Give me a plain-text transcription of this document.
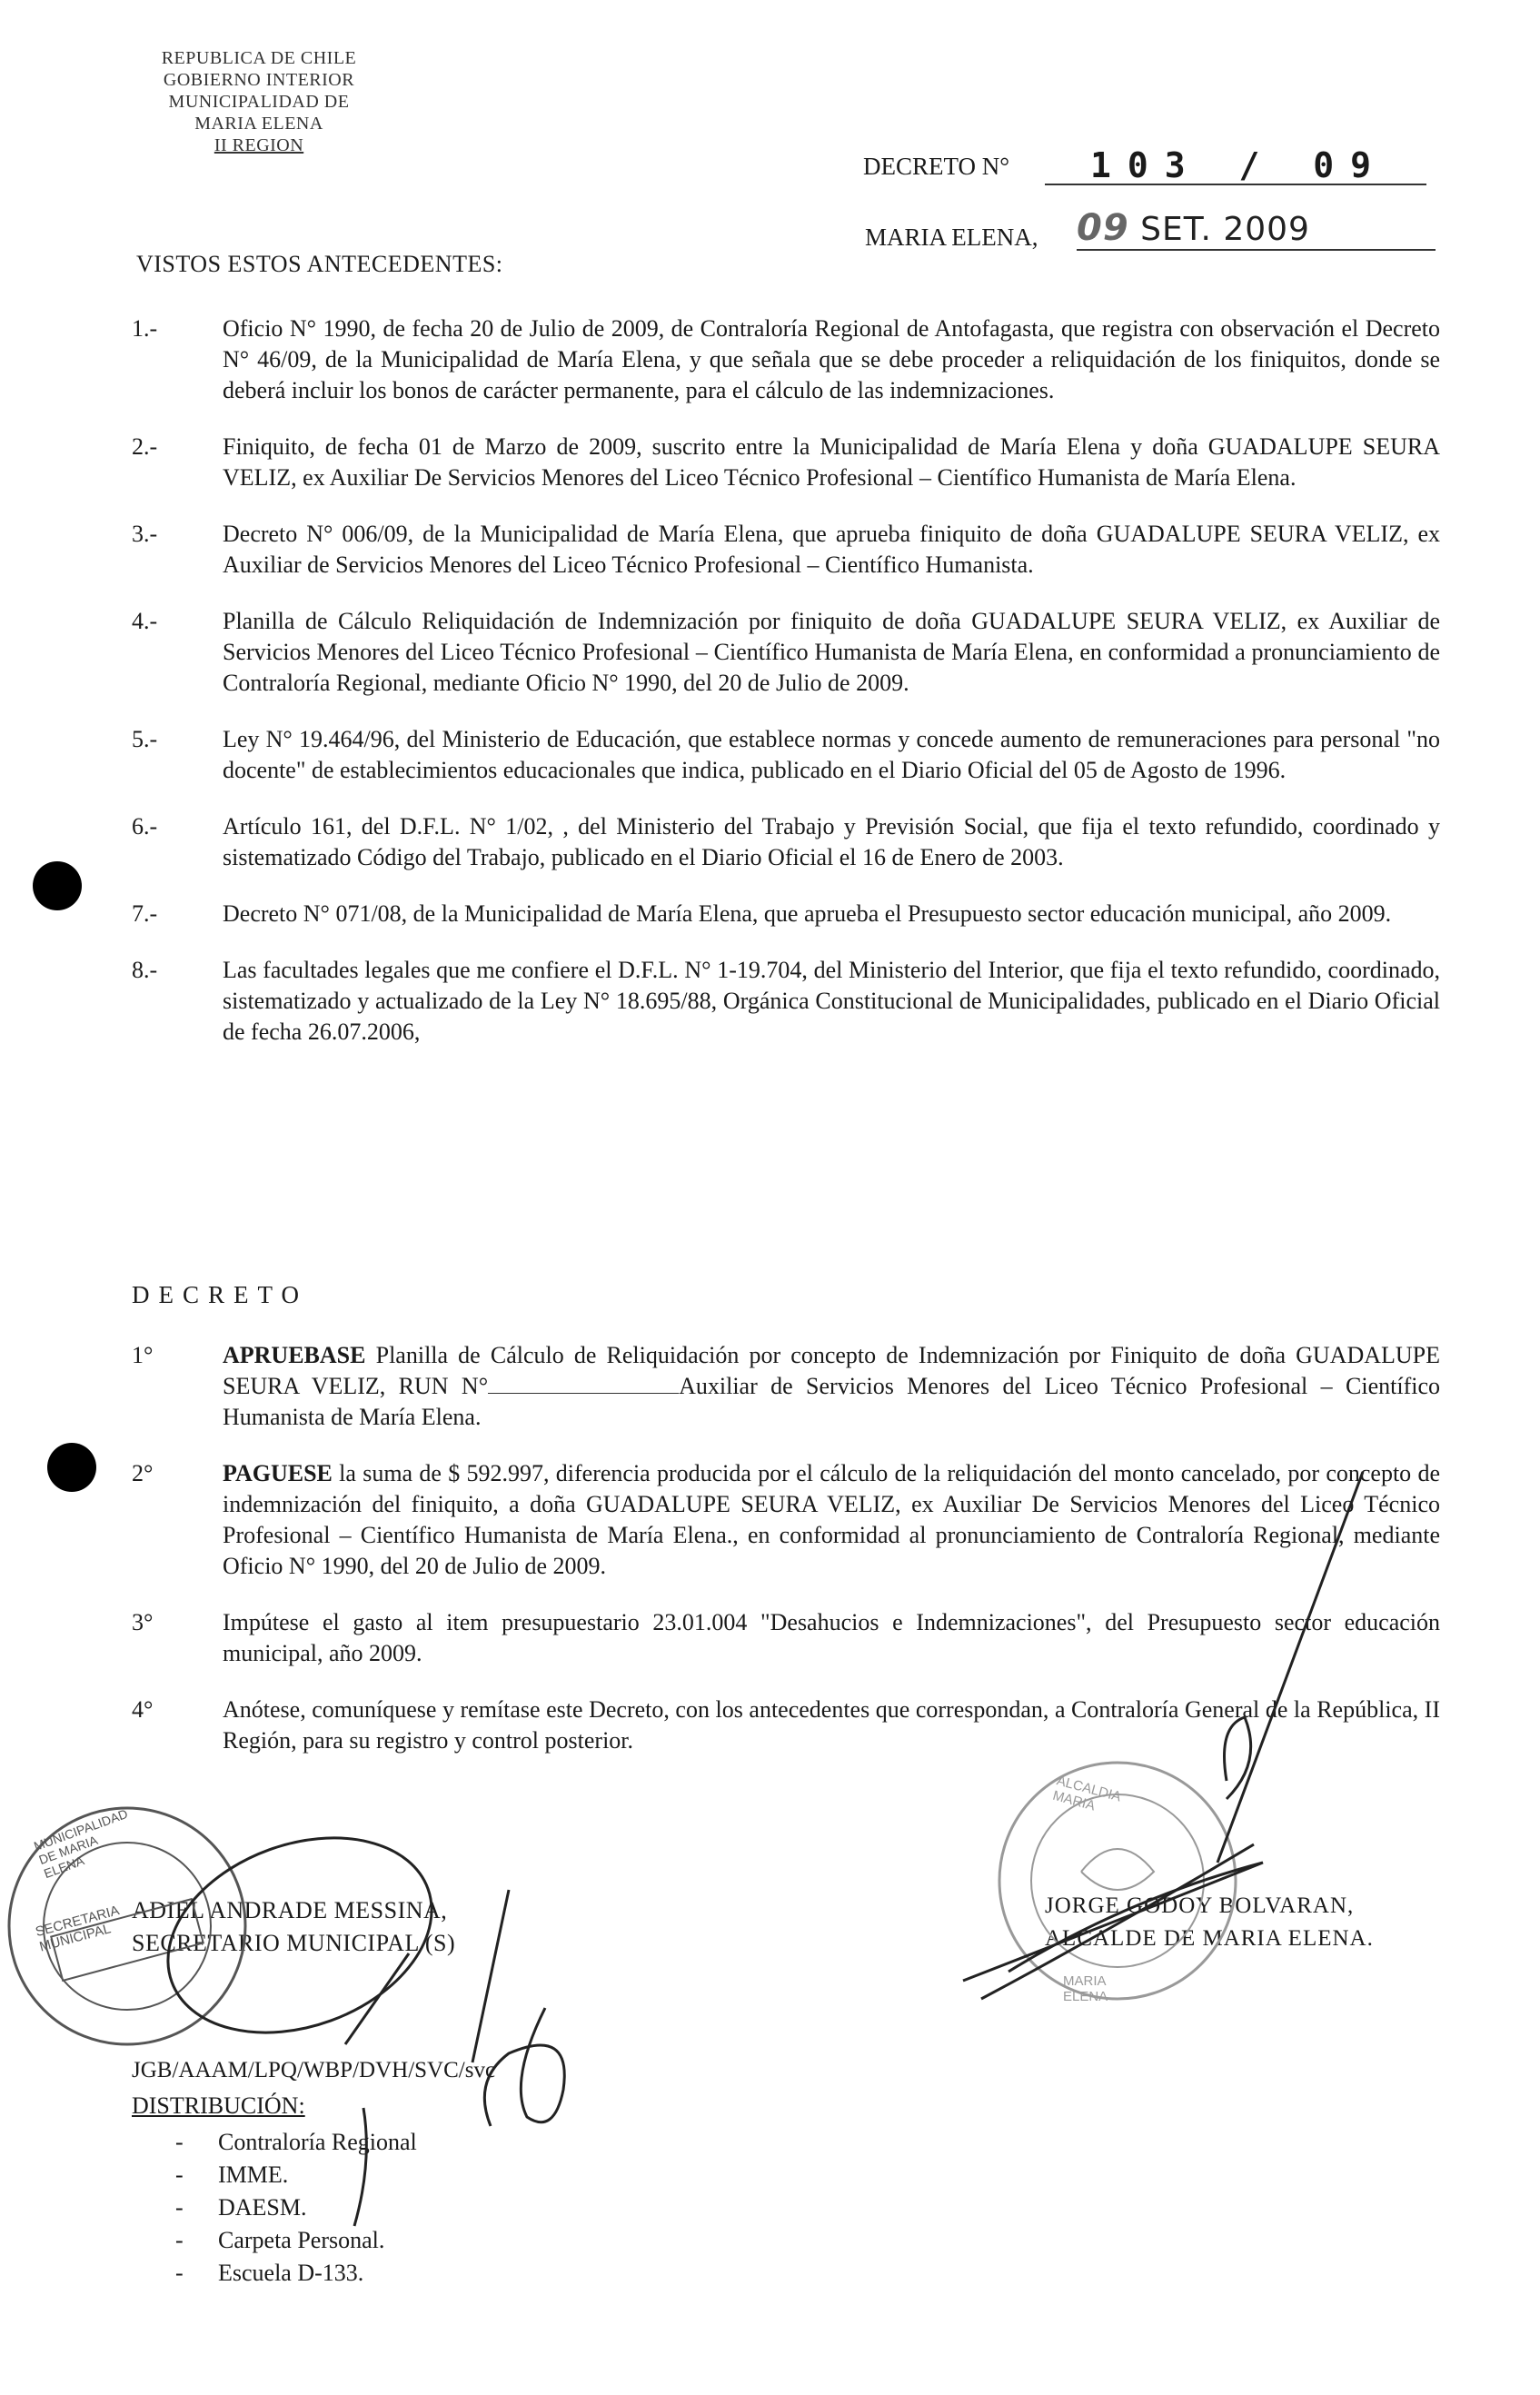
REPUBLICA DE CHILE
GOBIERNO INTERIOR
MUNICIPALIDAD DE
MARIA ELENA
II REGION
DECRETO N°	103 / 09
MARIA ELENA, 09 SET. 2009
VISTOS ESTOS ANTECEDENTES:
1.-	Oficio N° 1990, de fecha 20 de Julio de 2009, de Contraloría Regional de Antofagasta, que registra con observación el Decreto N° 46/09, de la Municipalidad de María Elena, y que señala que se debe proceder a reliquidación de los finiquitos, donde se deberá incluir los bonos de carácter permanente, para el cálculo de las indemnizaciones.
2.-	Finiquito, de fecha 01 de Marzo de 2009, suscrito entre la Municipalidad de María Elena y doña GUADALUPE SEURA VELIZ, ex Auxiliar De Servicios Menores del Liceo Técnico Profesional – Científico Humanista de María Elena.
3.-	Decreto N° 006/09, de la Municipalidad de María Elena, que aprueba finiquito de doña GUADALUPE SEURA VELIZ, ex Auxiliar de Servicios Menores del Liceo Técnico Profesional – Científico Humanista.
4.-	Planilla de Cálculo Reliquidación de Indemnización por finiquito de doña GUADALUPE SEURA VELIZ, ex Auxiliar de Servicios Menores del Liceo Técnico Profesional – Científico Humanista de María Elena, en conformidad a pronunciamiento de Contraloría Regional, mediante Oficio N° 1990, del 20 de Julio de 2009.
5.-	Ley N° 19.464/96, del Ministerio de Educación, que establece normas y concede aumento de remuneraciones para personal "no docente" de establecimientos educacionales que indica, publicado en el Diario Oficial del 05 de Agosto de 1996.
6.-	Artículo 161, del D.F.L. N° 1/02, , del Ministerio del Trabajo y Previsión Social, que fija el texto refundido, coordinado y sistematizado Código del Trabajo, publicado en el Diario Oficial el 16 de Enero de 2003.
7.-	Decreto N° 071/08, de la Municipalidad de María Elena, que aprueba el Presupuesto sector educación municipal, año 2009.
8.-	Las facultades legales que me confiere el D.F.L. N° 1-19.704, del Ministerio del Interior, que fija el texto refundido, coordinado, sistematizado y actualizado de la Ley N° 18.695/88, Orgánica Constitucional de Municipalidades, publicado en el Diario Oficial de fecha 26.07.2006,
DECRETO
1°	APRUEBASE Planilla de Cálculo de Reliquidación por concepto de Indemnización por Finiquito de doña GUADALUPE SEURA VELIZ, RUN N°	Auxiliar de Servicios Menores del Liceo Técnico Profesional – Científico Humanista de María Elena.
2°	PAGUESE la suma de $ 592.997, diferencia producida por el cálculo de la reliquidación del monto cancelado, por concepto de indemnización del finiquito, a doña GUADALUPE SEURA VELIZ, ex Auxiliar De Servicios Menores del Liceo Técnico Profesional – Científico Humanista de María Elena., en conformidad al pronunciamiento de Contraloría Regional, mediante Oficio N° 1990, del 20 de Julio de 2009.
3°	Impútese el gasto al item presupuestario 23.01.004 "Desahucios e Indemnizaciones", del Presupuesto sector educación municipal, año 2009.
4°	Anótese, comuníquese y remítase este Decreto, con los antecedentes que correspondan, a Contraloría General de la República, II Región, para su registro y control posterior.
ADIEL ANDRADE MESSINA,
SECRETARIO MUNICIPAL (S)
JORGE GODOY BOLVARAN,
ALCALDE DE MARIA ELENA.
JGB/AAAM/LPQ/WBP/DVH/SVC/svc
DISTRIBUCIÓN:
- Contraloría Regional
- IMME.
- DAESM.
- Carpeta Personal.
- Escuela D-133.
SECRETARIA MUNICIPAL
MUNICIPALIDAD DE MARIA ELENA
ALCALDIA MARIA
MARIA ELENA
